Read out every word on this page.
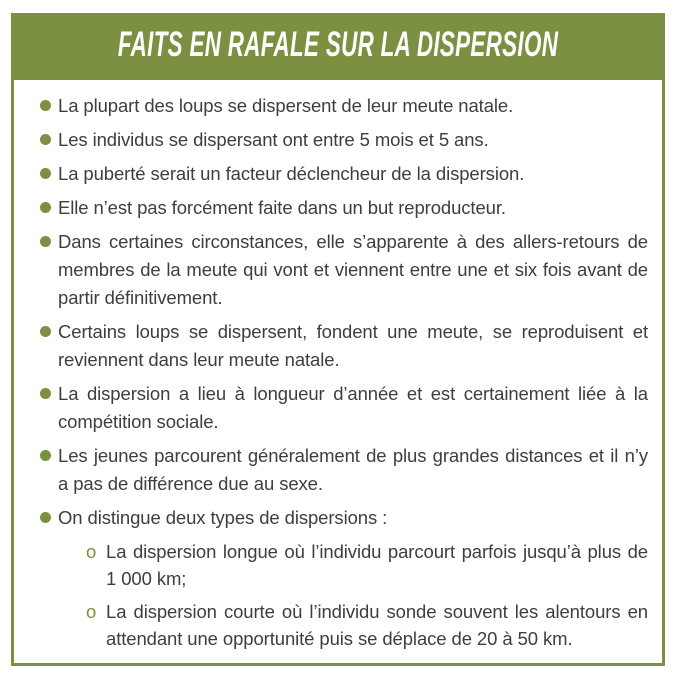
FAITS EN RAFALE SUR LA DISPERSION
La plupart des loups se dispersent de leur meute natale.
Les individus se dispersant ont entre 5 mois et 5 ans.
La puberté serait un facteur déclencheur de la dispersion.
Elle n’est pas forcément faite dans un but reproducteur.
Dans certaines circonstances, elle s’apparente à des allers-retours de membres de la meute qui vont et viennent entre une et six fois avant de partir définitivement.
Certains loups se dispersent, fondent une meute, se reproduisent et reviennent dans leur meute natale.
La dispersion a lieu à longueur d’année et est certainement liée à la compétition sociale.
Les jeunes parcourent généralement de plus grandes distances et il n’y a pas de différence due au sexe.
On distingue deux types de dispersions :
o La dispersion longue où l’individu parcourt parfois jusqu’à plus de 1 000 km;
o La dispersion courte où l’individu sonde souvent les alentours en attendant une opportunité puis se déplace de 20 à 50 km.
